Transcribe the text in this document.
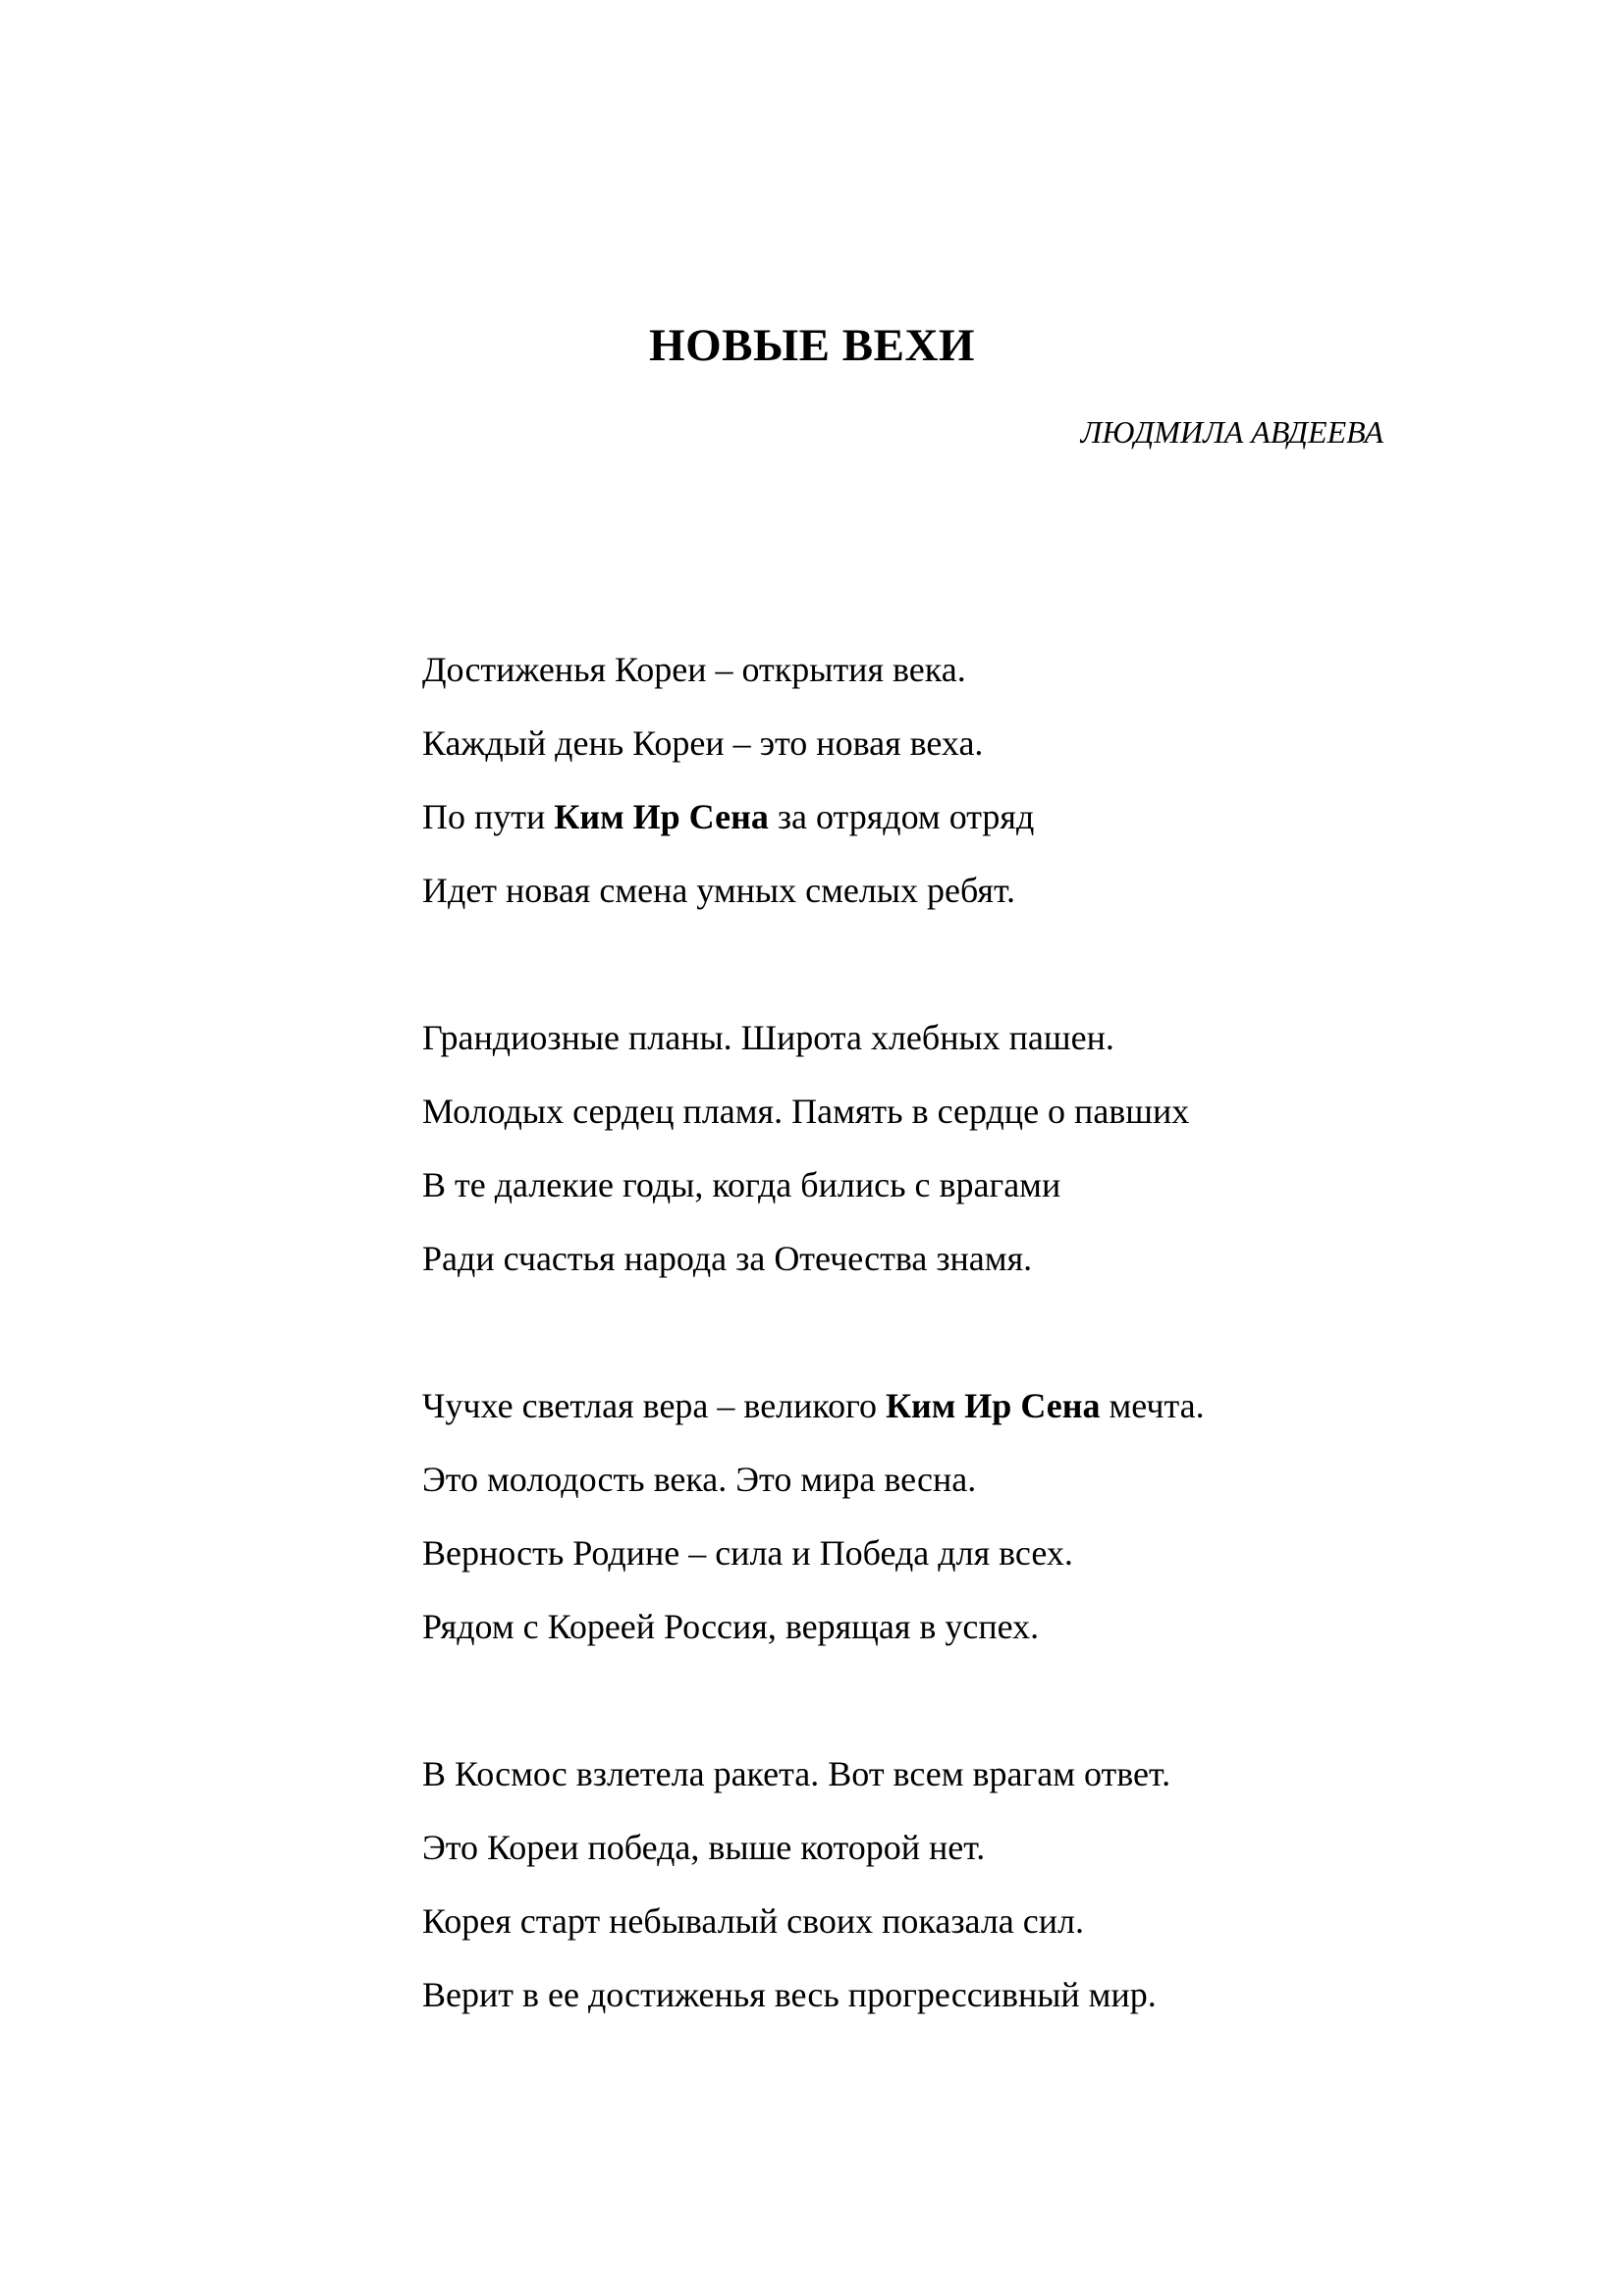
НОВЫЕ ВЕХИ
ЛЮДМИЛА АВДЕЕВА
Достиженья Кореи – открытия века.
Каждый день Кореи – это новая веха.
По пути Ким Ир Сена за отрядом отряд
Идет новая смена умных смелых ребят.
Грандиозные планы. Широта хлебных пашен.
Молодых сердец пламя. Память в сердце о павших
В те далекие годы, когда бились с врагами
Ради счастья народа за Отечества знамя.
Чучхе светлая вера – великого Ким Ир Сена мечта.
Это молодость века. Это мира весна.
Верность Родине – сила и Победа для всех.
Рядом с Кореей Россия, верящая в успех.
В Космос взлетела ракета. Вот всем врагам ответ.
Это Кореи победа, выше которой нет.
Корея старт небывалый своих показала сил.
Верит в ее достиженья весь прогрессивный мир.
